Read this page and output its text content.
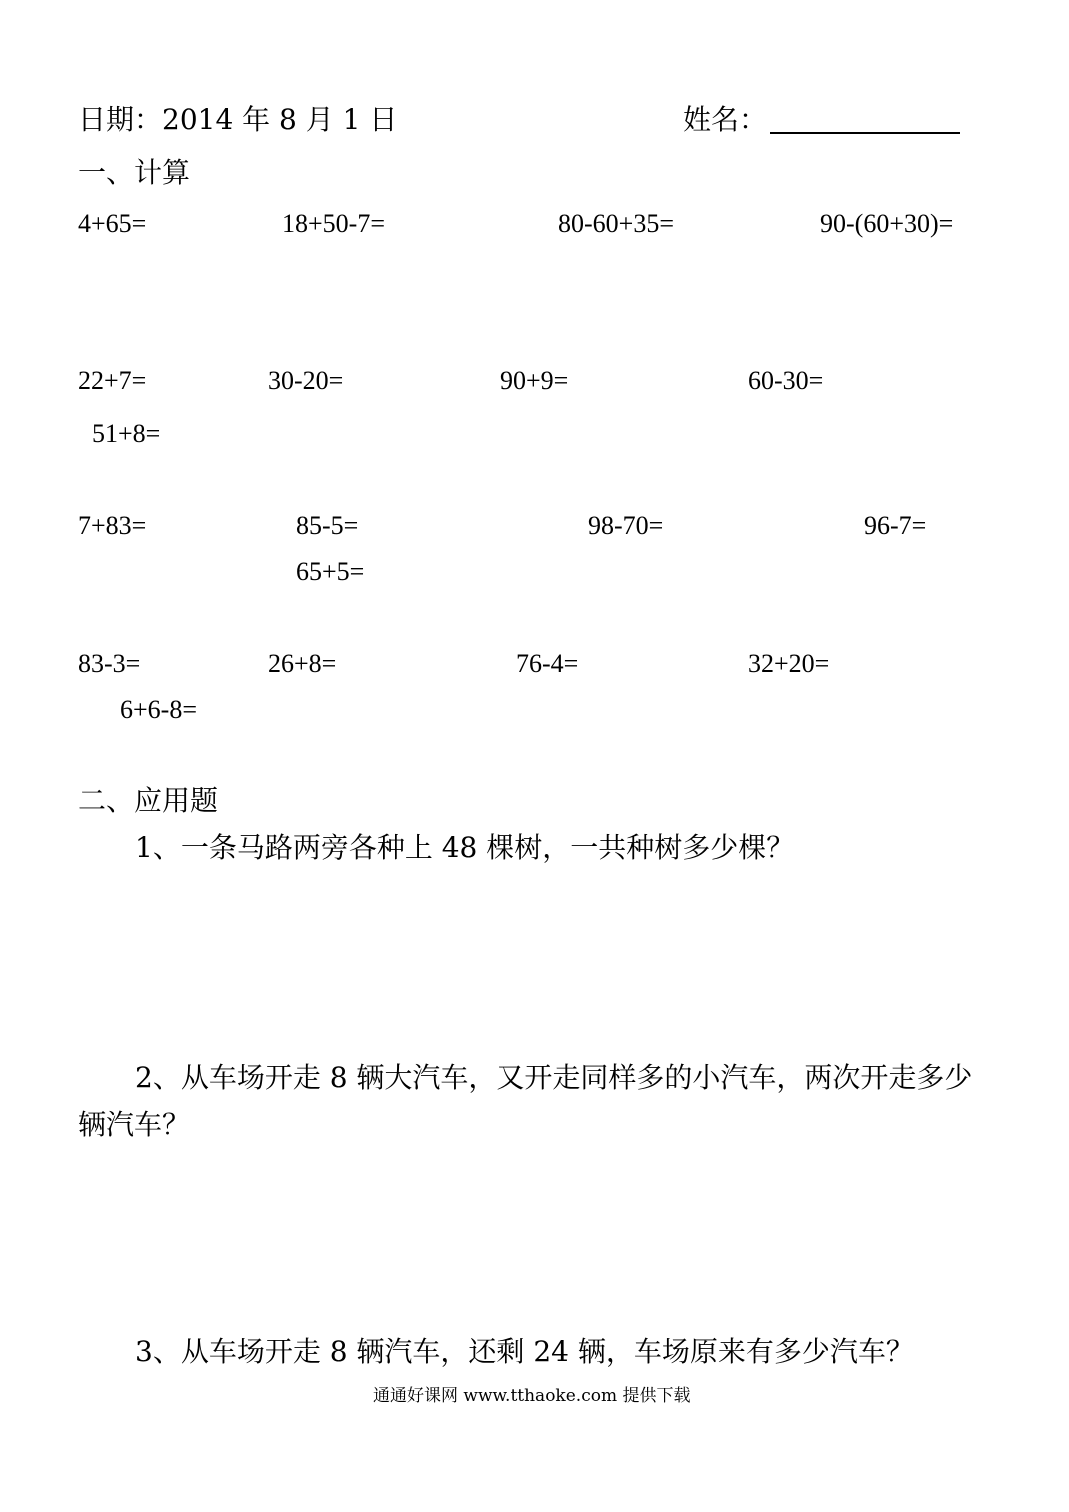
日期：2014 年 8 月 1 日	姓名：
一、计算
4+65=	18+50-7=	80-60+35=	90-(60+30)=
22+7=	30-20=	90+9=	60-30=
51+8=
7+83=	85-5=	98-70=	96-7=
65+5=
83-3=	26+8=	76-4=	32+20=
6+6-8=
二、应用题
1、一条马路两旁各种上 48 棵树，一共种树多少棵？
2、从车场开走 8 辆大汽车，又开走同样多的小汽车，两次开走多少
辆汽车？
3、从车场开走 8 辆汽车，还剩 24 辆，车场原来有多少汽车？
通通好课网 www.tthaoke.com 提供下载
